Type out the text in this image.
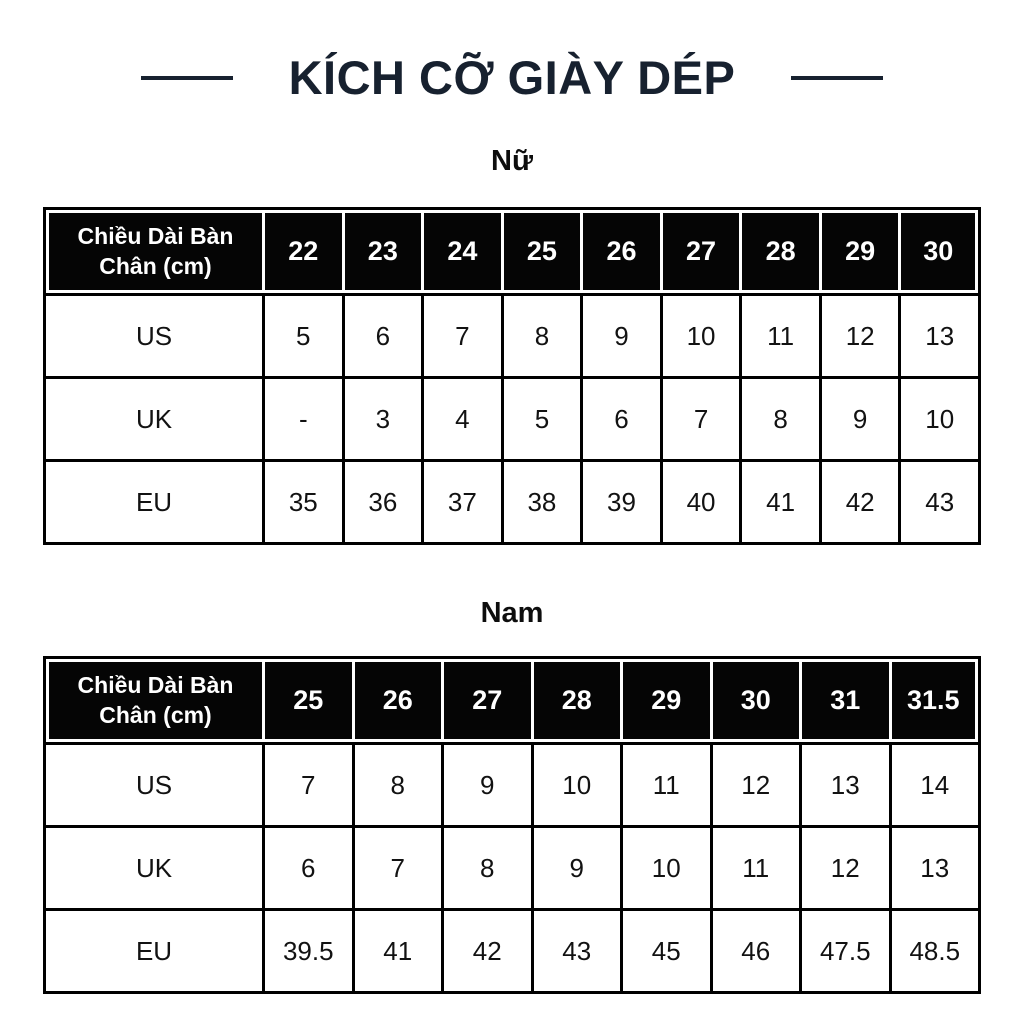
KÍCH CỠ GIÀY DÉP
Nữ
Chiều Dài Bàn Chân (cm)	22	23	24	25	26	27	28	29	30
US	5	6	7	8	9	10	11	12	13
UK	-	3	4	5	6	7	8	9	10
EU	35	36	37	38	39	40	41	42	43
Nam
Chiều Dài Bàn Chân (cm)	25	26	27	28	29	30	31	31.5
US	7	8	9	10	11	12	13	14
UK	6	7	8	9	10	11	12	13
EU	39.5	41	42	43	45	46	47.5	48.5
